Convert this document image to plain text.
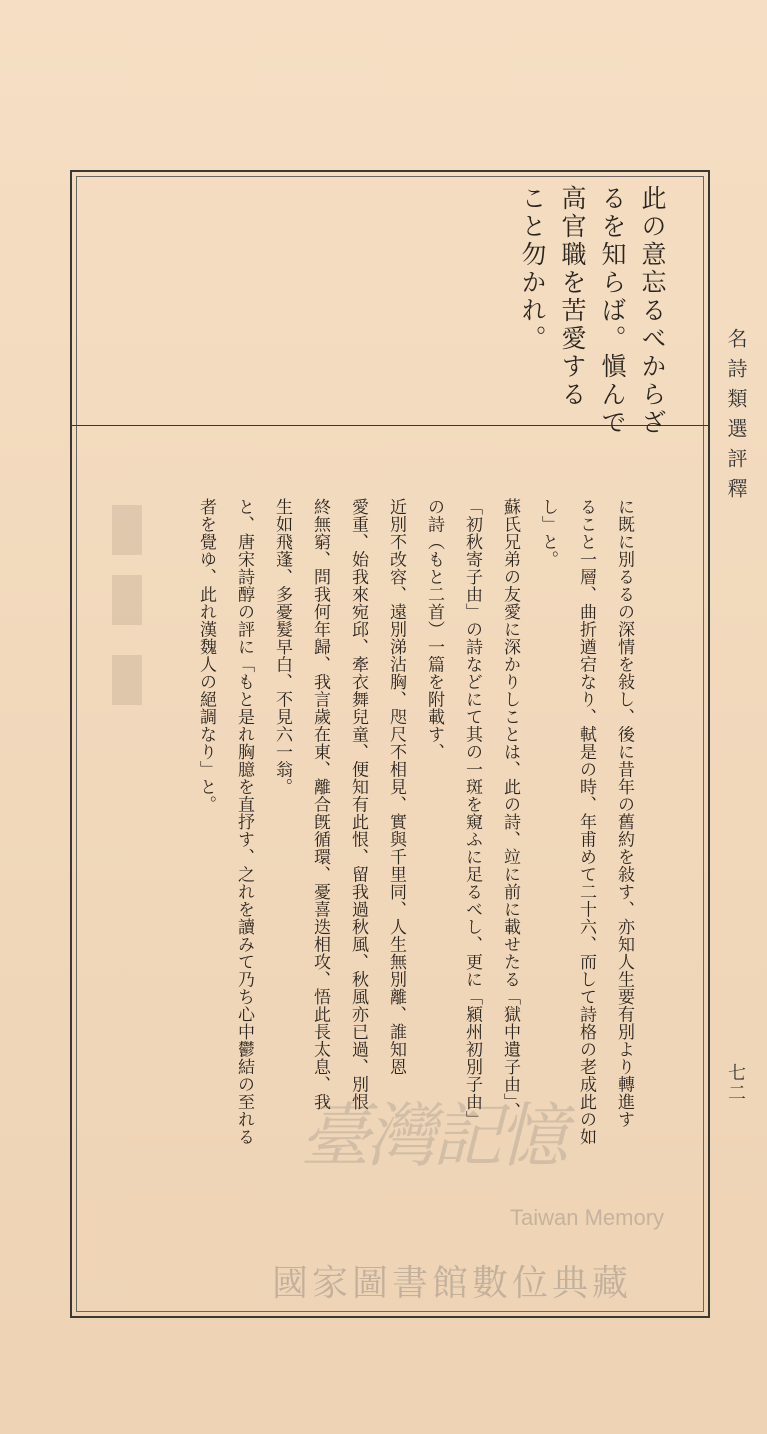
名詩類選評釋
此の意忘るべからざ
るを知らば。愼んで
高官職を苦愛する
こと勿かれ。
に既に別るるの深情を敍し、後に昔年の舊約を敍す、亦知人生要有別より轉進す
ること一層、曲折遒宕なり、軾是の時、年甫めて二十六、而して詩格の老成此の如
し」と。
蘇氏兄弟の友愛に深かりしことは、此の詩、竝に前に載せたる「獄中遺子由」、
「初秋寄子由」の詩などにて其の一斑を窺ふに足るべし、更に「潁州初別子由」
の詩（もと二首）一篇を附載す、
近別不改容、遠別涕沾胸、咫尺不相見、實與千里同、人生無別離、誰知恩
愛重、始我來宛邱、牽衣舞兒童、便知有此恨、留我過秋風、秋風亦已過、別恨
終無窮、問我何年歸、我言歲在東、離合旣循環、憂喜迭相攻、悟此長太息、我
生如飛蓬、多憂髮早白、不見六一翁。
と、唐宋詩醇の評に「もと是れ胸臆を直抒す、之れを讀みて乃ち心中鬱結の至れる
者を覺ゆ、此れ漢魏人の絕調なり」と。
七二
臺灣記憶
Taiwan Memory
國家圖書館數位典藏
